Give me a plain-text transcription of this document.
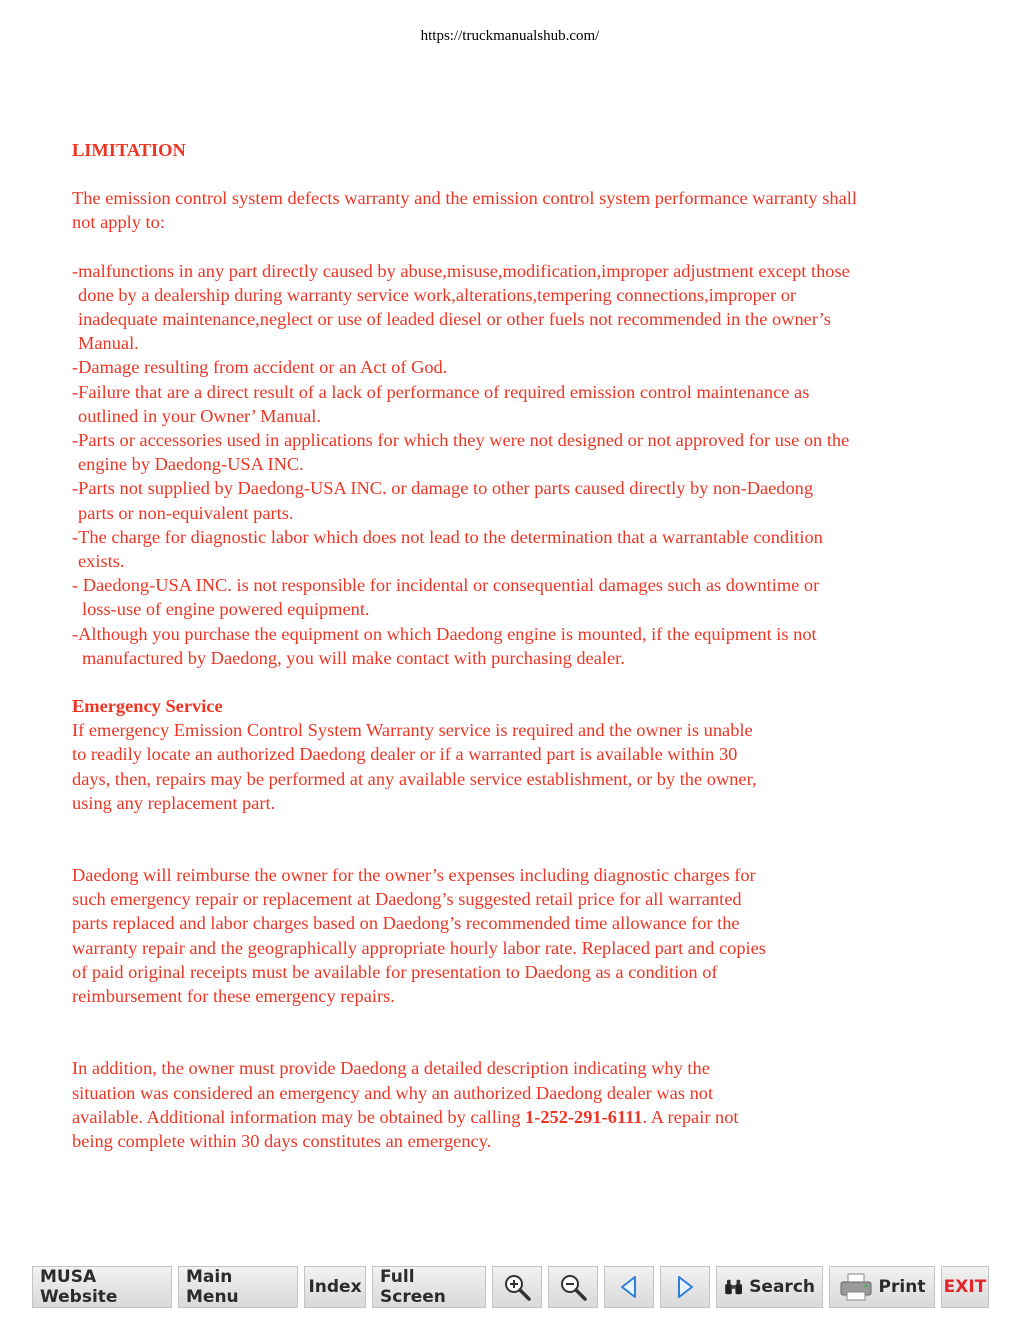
https://truckmanualshub.com/

LIMITATION

The emission control system defects warranty and the emission control system performance warranty shall
not apply to:

-malfunctions in any part directly caused by abuse,misuse,modification,improper adjustment except those
done by a dealership during warranty service work,alterations,tempering connections,improper or
inadequate maintenance,neglect or use of leaded diesel or other fuels not recommended in the owner’s
Manual.

-Damage resulting from accident or an Act of God.

-Failure that are a direct result of a lack of performance of required emission control maintenance as
outlined in your Owner’ Manual.

-Parts or accessories used in applications for which they were not designed or not approved for use on the
engine by Daedong-USA INC.

-Parts not supplied by Daedong-USA INC. or damage to other parts caused directly by non-Daedong
parts or non-equivalent parts.

-The charge for diagnostic labor which does not lead to the determination that a warrantable condition
exists.

- Daedong-USA INC. is not responsible for incidental or consequential damages such as downtime or
loss-use of engine powered equipment.

-Although you purchase the equipment on which Daedong engine is mounted, if the equipment is not
manufactured by Daedong, you will make contact with purchasing dealer.

Emergency Service

If emergency Emission Control System Warranty service is required and the owner is unable
to readily locate an authorized Daedong dealer or if a warranted part is available within 30
days, then, repairs may be performed at any available service establishment, or by the owner,
using any replacement part.

Daedong will reimburse the owner for the owner’s expenses including diagnostic charges for
such emergency repair or replacement at Daedong’s suggested retail price for all warranted
parts replaced and labor charges based on Daedong’s recommended time allowance for the
warranty repair and the geographically appropriate hourly labor rate. Replaced part and copies
of paid original receipts must be available for presentation to Daedong as a condition of
reimbursement for these emergency repairs.

In addition, the owner must provide Daedong a detailed description indicating why the
situation was considered an emergency and why an authorized Daedong dealer was not
available. Additional information may be obtained by calling 1-252-291-6111. A repair not
being complete within 30 days constitutes an emergency.

MUSA Website
Main Menu	Index Full Screen	Search	Print EXIT
